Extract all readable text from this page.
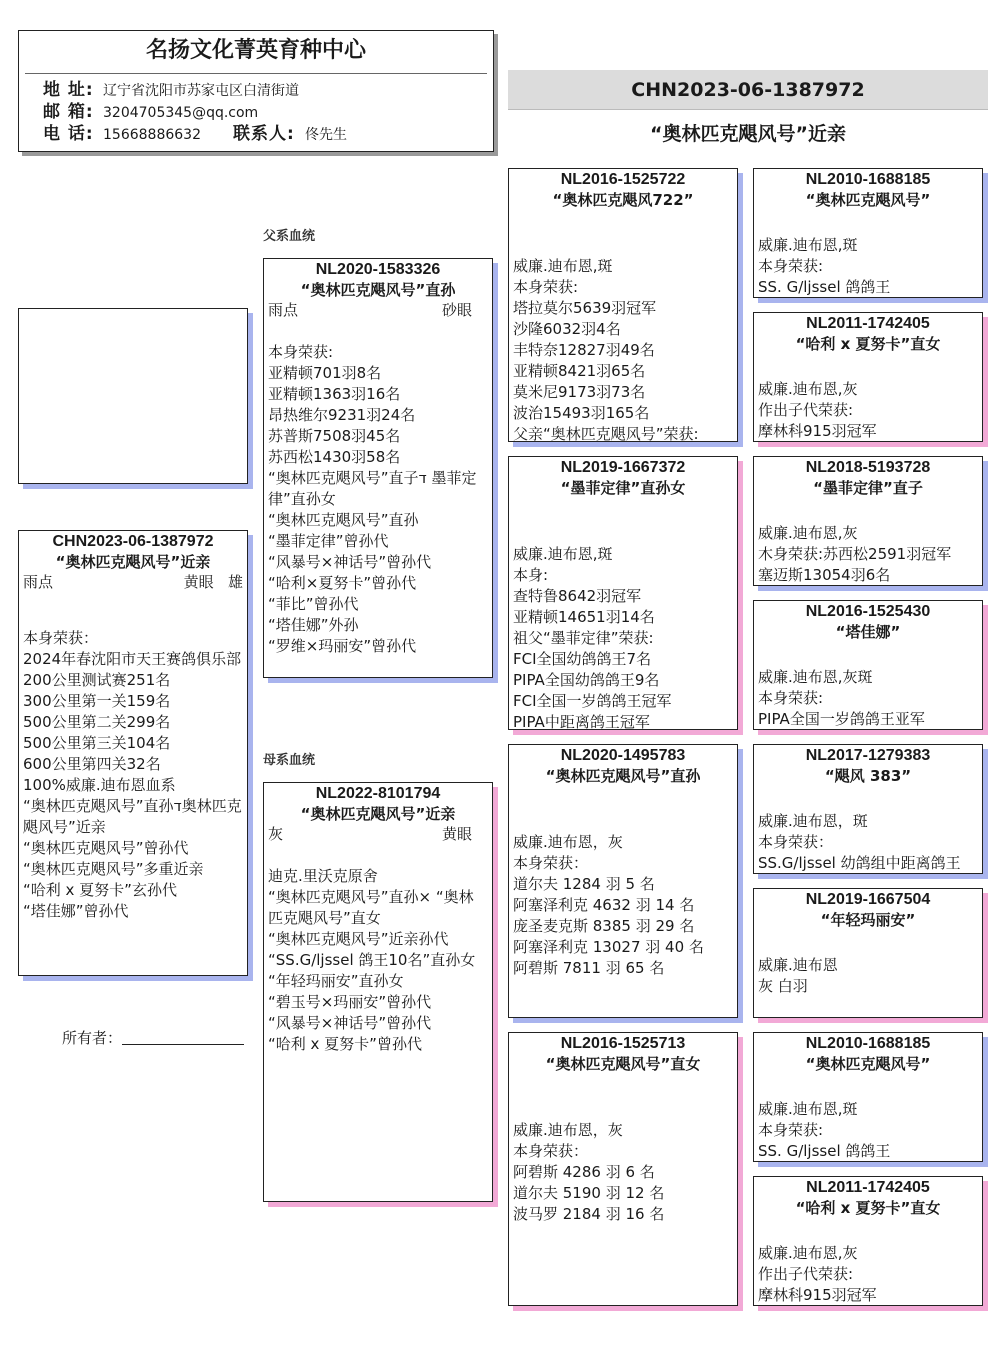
名扬文化菁英育种中心
地 址: 辽宁省沈阳市苏家屯区白清街道
邮 箱: 3204705345@qq.com
电 话: 15668886632	联系人: 佟先生
CHN2023-06-1387972
“奥林匹克飓风号”近亲
CHN2023-06-1387972
“奥林匹克飓风号”近亲
雨点	黄眼 雄
本身荣获：
2024年春沈阳市天王赛鸽俱乐部
200公里测试赛251名
300公里第一关159名
500公里第二关299名
500公里第三关104名
600公里第四关32名
100%威廉.迪布恩血系
“奥林匹克飓风号”直孙ד奥林匹克飓风号”近亲
“奥林匹克飓风号”曾孙代
“奥林匹克飓风号”多重近亲
“哈利 x 夏努卡”玄孙代
“塔佳娜”曾孙代
所有者：
父系血统
母系血统
NL2020-1583326
“奥林匹克飓风号”直孙
雨点	砂眼
本身荣获:
亚精顿701羽8名
亚精顿1363羽16名
昂热维尔9231羽24名
苏普斯7508羽45名
苏西松1430羽58名
“奥林匹克飓风号”直子ד 墨菲定律”直孙女
“奥林匹克飓风号”直孙
“墨菲定律”曾孙代
“风暴号×神话号”曾孙代
“哈利×夏努卡”曾孙代
“菲比”曾孙代
“塔佳娜”外孙
“罗维×玛丽安”曾孙代
NL2022-8101794
“奥林匹克飓风号”近亲
灰	黄眼
迪克.里沃克原舍
“奥林匹克飓风号”直孙× “奥林匹克飓风号”直女
“奥林匹克飓风号”近亲孙代
“SS.G/ljssel 鸽王10名”直孙女
“年轻玛丽安”直孙女
“碧玉号×玛丽安”曾孙代
“风暴号×神话号”曾孙代
“哈利 x 夏努卡”曾孙代
NL2016-1525722
“奥林匹克飓风722”
威廉.迪布恩,斑
本身荣获:
塔拉莫尔5639羽冠军
沙隆6032羽4名
丰特奈12827羽49名
亚精顿8421羽65名
莫米尼9173羽73名
波治15493羽165名
父亲“奥林匹克飓风号”荣获:
NL2019-1667372
“墨菲定律”直孙女
威廉.迪布恩,斑
本身:
查特鲁8642羽冠军
亚精顿14651羽14名
祖父“墨菲定律”荣获:
FCI全国幼鸽鸽王7名
PIPA全国幼鸽鸽王9名
FCI全国一岁鸽鸽王冠军
PIPA中距离鸽王冠军
NL2020-1495783
“奥林匹克飓风号”直孙
威廉.迪布恩，灰
本身荣获：
道尔夫 1284 羽 5 名
阿塞泽利克 4632 羽 14 名
庞圣麦克斯 8385 羽 29 名
阿塞泽利克 13027 羽 40 名
阿碧斯 7811 羽 65 名
NL2016-1525713
“奥林匹克飓风号”直女
威廉.迪布恩，灰
本身荣获：
阿碧斯 4286 羽 6 名
道尔夫 5190 羽 12 名
波马罗 2184 羽 16 名
NL2010-1688185
“奥林匹克飓风号”
威廉.迪布恩,斑
本身荣获:
SS. G/ljssel 鸽鸽王
NL2011-1742405
“哈利 x 夏努卡”直女
威廉.迪布恩,灰
作出子代荣获:
摩林科915羽冠军
NL2018-5193728
“墨菲定律”直子
威廉.迪布恩,灰
木身荣获:苏西松2591羽冠军
塞迈斯13054羽6名
NL2016-1525430
“塔佳娜”
威廉.迪布恩,灰斑
本身荣获:
PIPA全国一岁鸽鸽王亚军
NL2017-1279383
“飓风 383”
威廉.迪布恩，斑
本身荣获：
SS.G/ljssel 幼鸽组中距离鸽王
NL2019-1667504
“年轻玛丽安”
威廉.迪布恩
灰 白羽
NL2010-1688185
“奥林匹克飓风号”
威廉.迪布恩,斑
本身荣获:
SS. G/ljssel 鸽鸽王
NL2011-1742405
“哈利 x 夏努卡”直女
威廉.迪布恩,灰
作出子代荣获:
摩林科915羽冠军
